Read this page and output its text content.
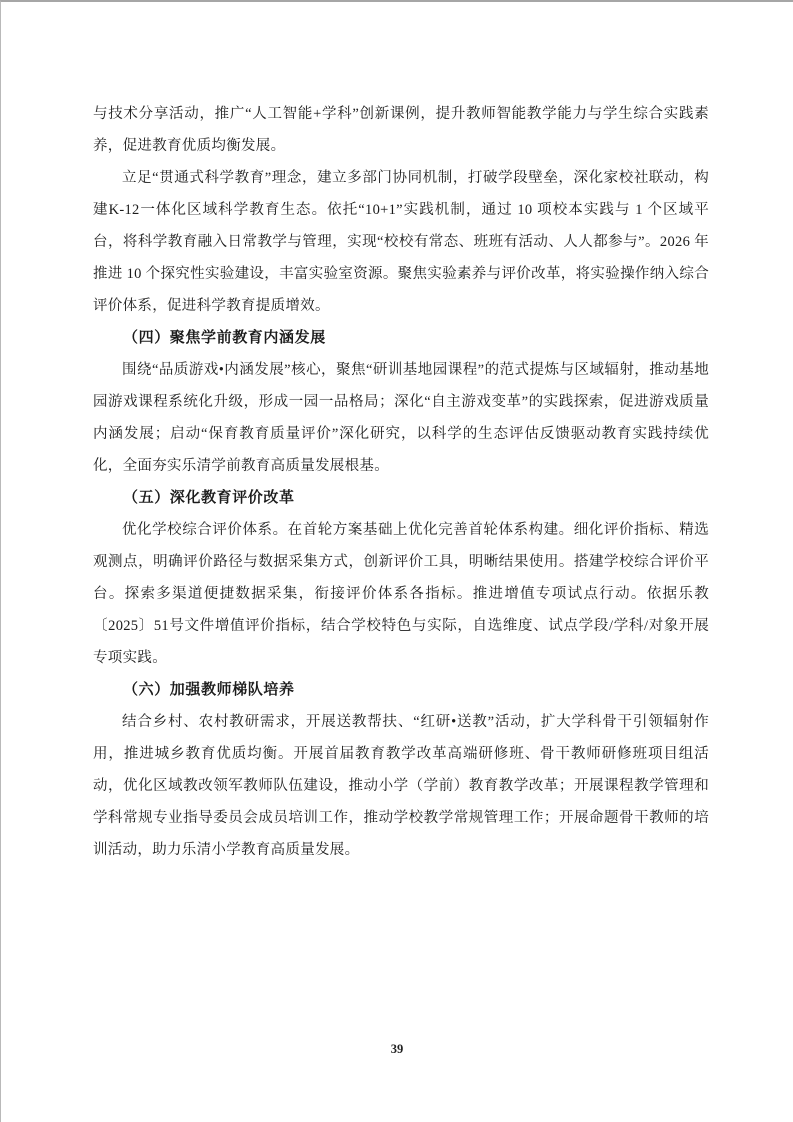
与技术分享活动，推广“人工智能+学科”创新课例，提升教师智能教学能力与学生综合实践素养，促进教育优质均衡发展。

立足“贯通式科学教育”理念，建立多部门协同机制，打破学段壁垒，深化家校社联动，构建K-12一体化区域科学教育生态。依托“10+1”实践机制，通过 10 项校本实践与 1 个区域平台，将科学教育融入日常教学与管理，实现“校校有常态、班班有活动、人人都参与”。2026 年推进 10 个探究性实验建设，丰富实验室资源。聚焦实验素养与评价改革，将实验操作纳入综合评价体系，促进科学教育提质增效。

（四）聚焦学前教育内涵发展

围绕“品质游戏•内涵发展”核心，聚焦“研训基地园课程”的范式提炼与区域辐射，推动基地园游戏课程系统化升级，形成一园一品格局；深化“自主游戏变革”的实践探索，促进游戏质量内涵发展；启动“保育教育质量评价”深化研究，以科学的生态评估反馈驱动教育实践持续优化，全面夯实乐清学前教育高质量发展根基。

（五）深化教育评价改革

优化学校综合评价体系。在首轮方案基础上优化完善首轮体系构建。细化评价指标、精选观测点，明确评价路径与数据采集方式，创新评价工具，明晰结果使用。搭建学校综合评价平台。探索多渠道便捷数据采集，衔接评价体系各指标。推进增值专项试点行动。依据乐教〔2025〕51号文件增值评价指标，结合学校特色与实际，自选维度、试点学段/学科/对象开展专项实践。

（六）加强教师梯队培养

结合乡村、农村教研需求，开展送教帮扶、“红研•送教”活动，扩大学科骨干引领辐射作用，推进城乡教育优质均衡。开展首届教育教学改革高端研修班、骨干教师研修班项目组活动，优化区域教改领军教师队伍建设，推动小学（学前）教育教学改革；开展课程教学管理和学科常规专业指导委员会成员培训工作，推动学校教学常规管理工作；开展命题骨干教师的培训活动，助力乐清小学教育高质量发展。

39
